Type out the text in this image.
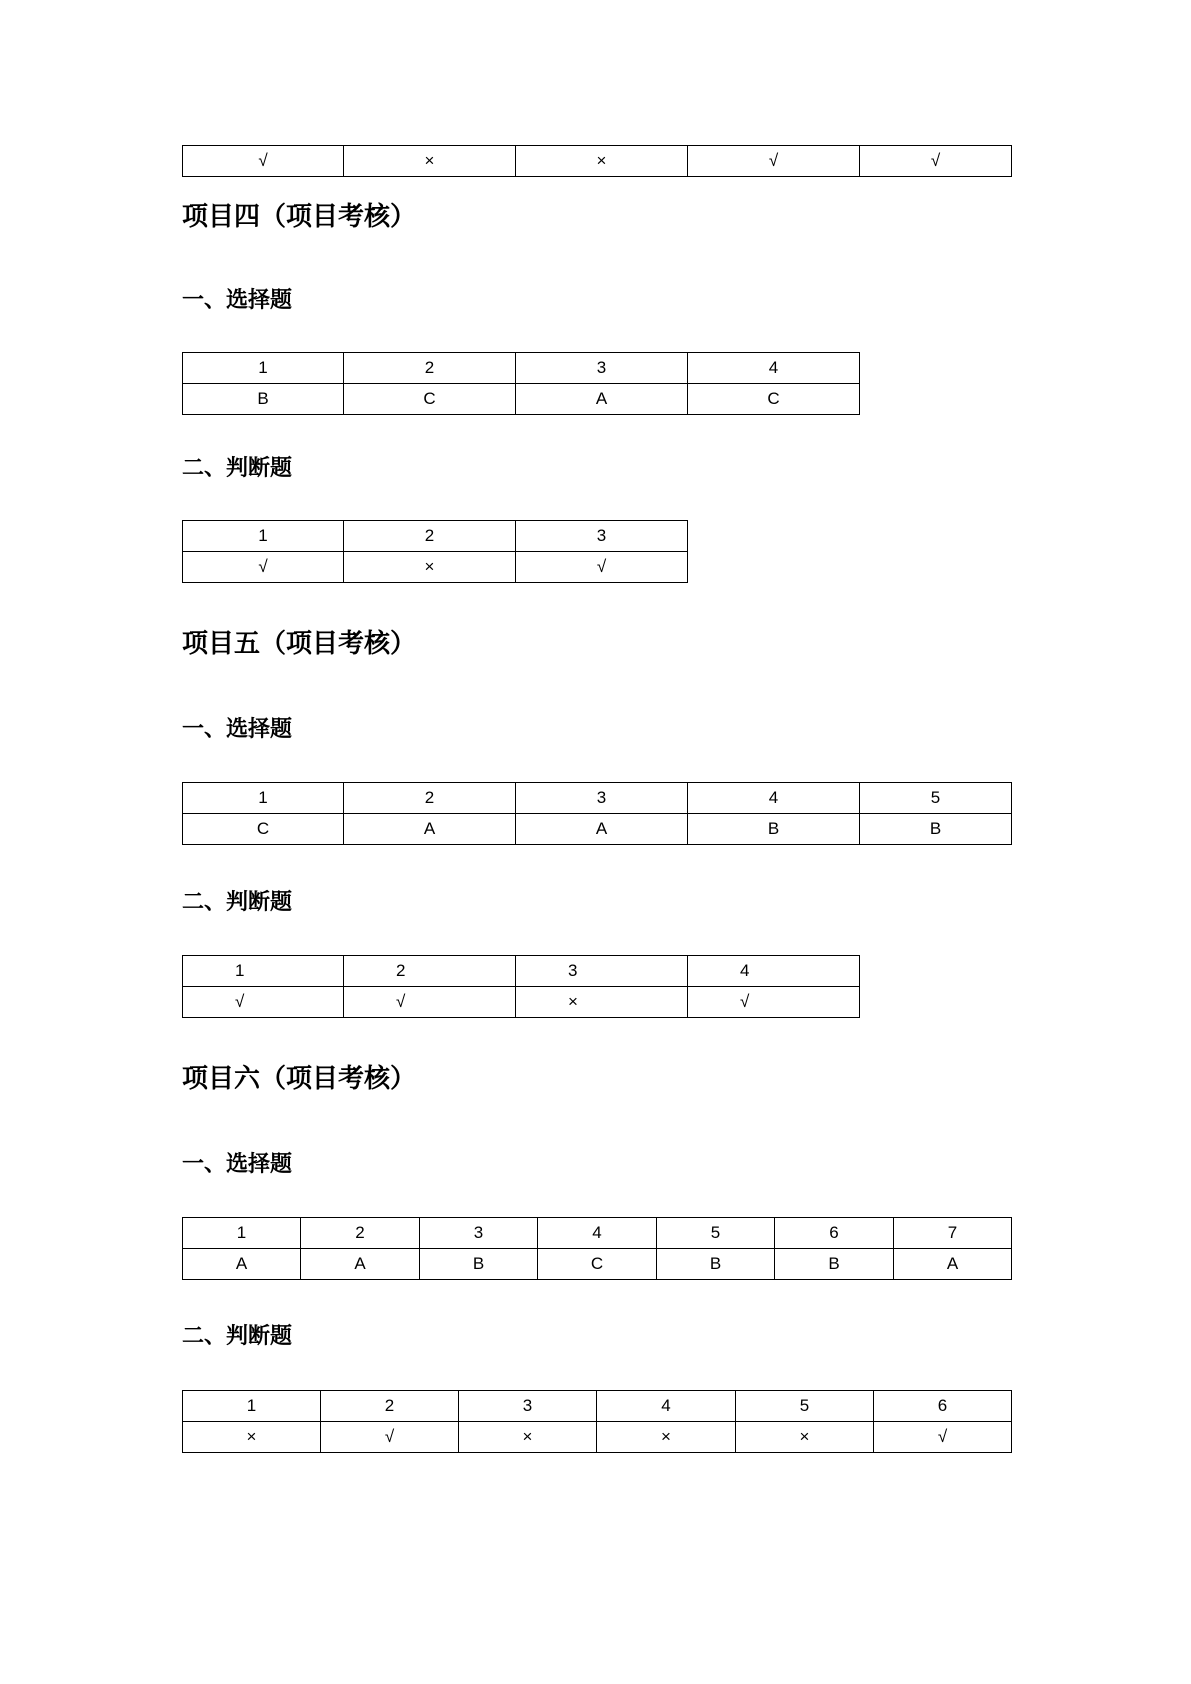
√	×	×	√	√
项目四（项目考核）
一、选择题
1	2	3	4
B	C	A	C
二、判断题
1	2	3
√	×	√
项目五（项目考核）
一、选择题
1	2	3	4	5
C	A	A	B	B
二、判断题
1	2	3	4
√	√	×	√
项目六（项目考核）
一、选择题
1	2	3	4	5	6	7
A	A	B	C	B	B	A
二、判断题
1	2	3	4	5	6
×	√	×	×	×	√
